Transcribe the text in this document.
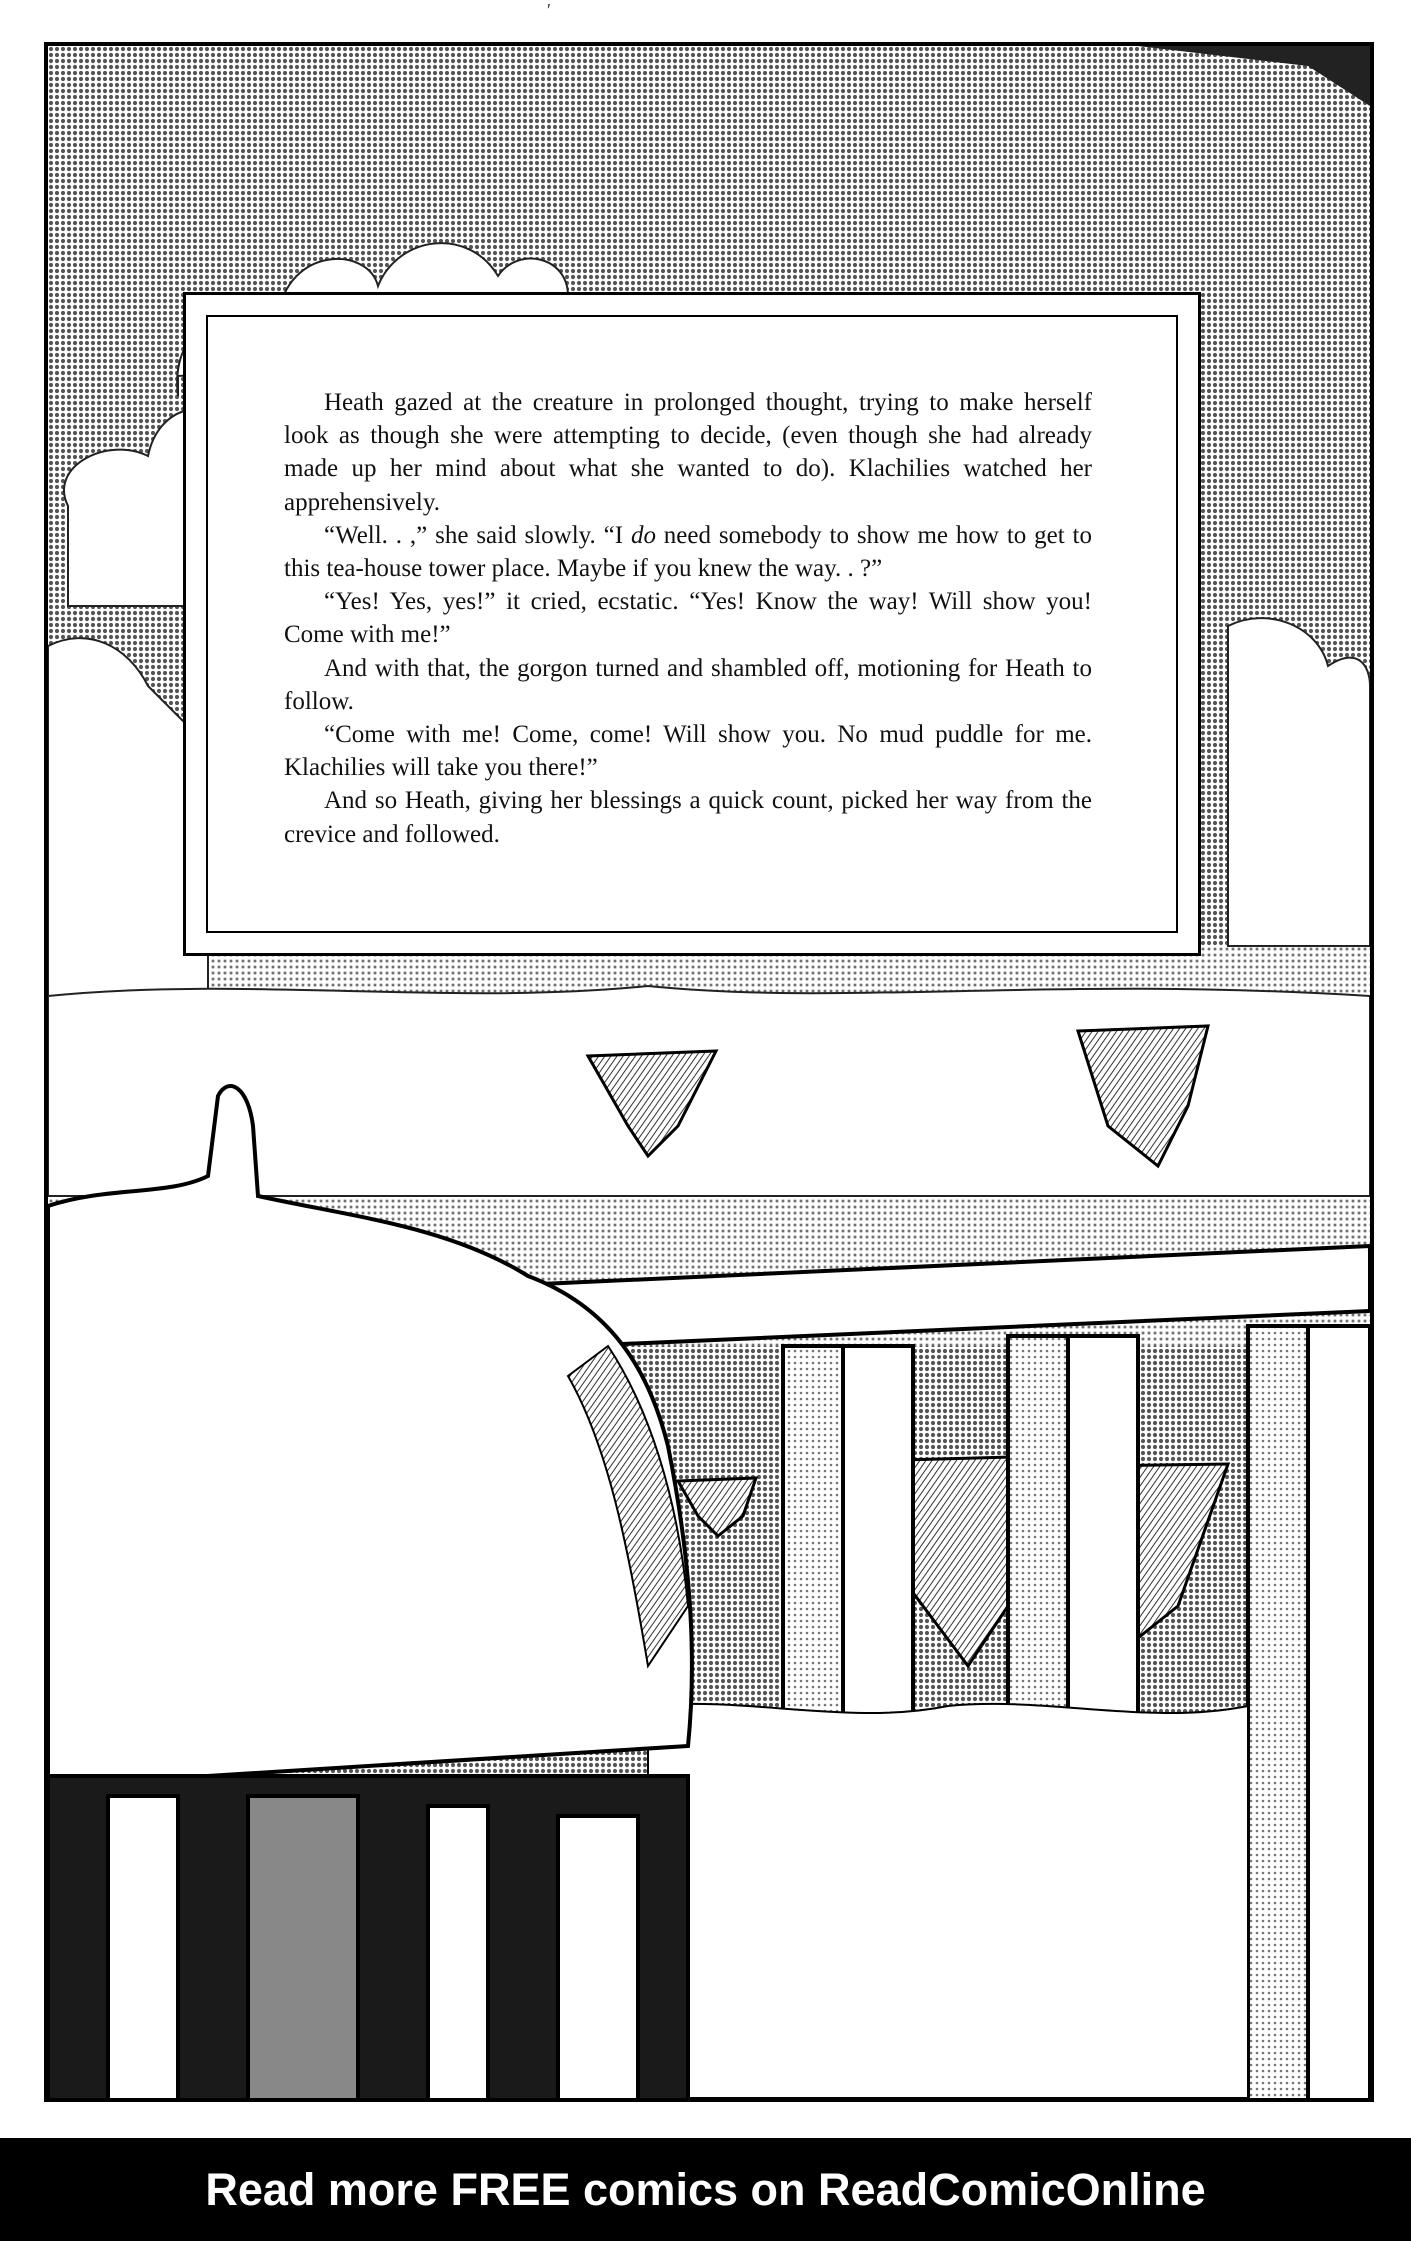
′

Heath gazed at the creature in prolonged thought, trying to make herself look as though she were attempting to decide, (even though she had already made up her mind about what she wanted to do). Klachilies watched her apprehensively.

“Well. . ,” she said slowly. “I do need somebody to show me how to get to this tea-house tower place. Maybe if you knew the way. . ?”

“Yes! Yes, yes!” it cried, ecstatic. “Yes! Know the way! Will show you! Come with me!”

And with that, the gorgon turned and shambled off, motioning for Heath to follow.

“Come with me! Come, come! Will show you. No mud puddle for me. Klachilies will take you there!”

And so Heath, giving her blessings a quick count, picked her way from the crevice and followed.

Read more FREE comics on ReadComicOnline
